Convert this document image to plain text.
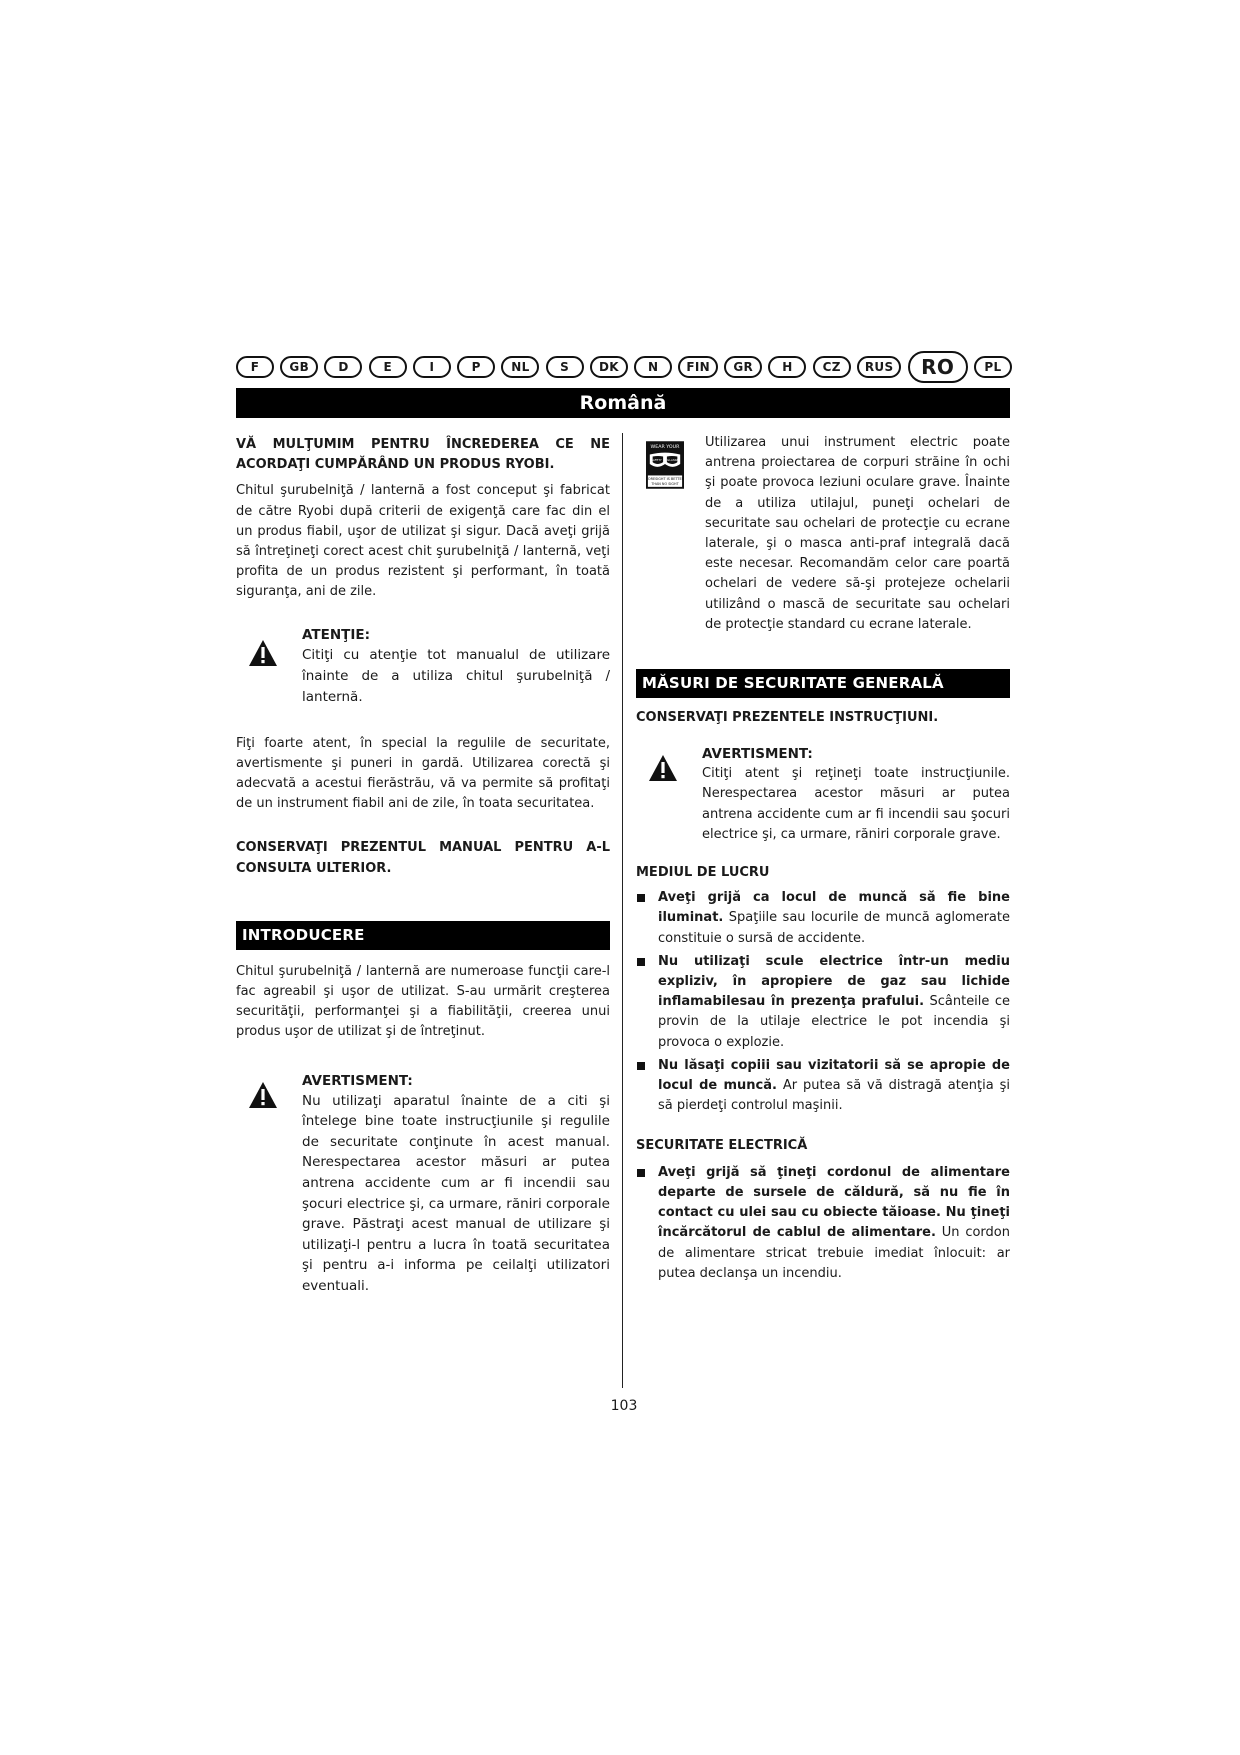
F	GB	D	E	I	P	NL	S	DK	N	FIN	GR	H	CZ	RUS	RO	PL
Română

VĂ MULŢUMIM PENTRU ÎNCREDEREA CE NE ACORDAŢI CUMPĂRÂND UN PRODUS RYOBI.

Chitul şurubelniţă / lanternă a fost conceput şi fabricat de către Ryobi după criterii de exigenţă care fac din el un produs fiabil, uşor de utilizat şi sigur. Dacă aveţi grijă să întreţineţi corect acest chit şurubelniţă / lanternă, veţi profita de un produs rezistent şi performant, în toată siguranţa, ani de zile.

ATENŢIE:

Citiţi cu atenţie tot manualul de utilizare înainte de a utiliza chitul şurubelniţă / lanternă.

Fiţi foarte atent, în special la regulile de securitate, avertismente şi puneri in gardă. Utilizarea corectă şi adecvată a acestui fierăstrău, vă va permite să profitaţi de un instrument fiabil ani de zile, în toata securitatea.

CONSERVAŢI PREZENTUL MANUAL PENTRU A-L CONSULTA ULTERIOR.

INTRODUCERE

Chitul şurubelniţă / lanternă are numeroase funcţii care-l fac agreabil şi uşor de utilizat. S-au urmărit creşterea securităţii, performanţei şi a fiabilităţii, creerea unui produs uşor de utilizat şi de întreţinut.

AVERTISMENT:

Nu utilizaţi aparatul înainte de a citi şi întelege bine toate instrucţiunile şi regulile de securitate conţinute în acest manual. Nerespectarea acestor măsuri ar putea antrena accidente cum ar fi incendii sau şocuri electrice şi, ca urmare, răniri corporale grave. Păstraţi acest manual de utilizare şi utilizaţi-l pentru a lucra în toată securitatea şi pentru a-i informa pe ceilalţi utilizatori eventuali.

WEAR YOUR
SAFETY GLASSES
FORESIGHT IS BETTER
THAN NO SIGHT

Utilizarea unui instrument electric poate antrena proiectarea de corpuri străine în ochi şi poate provoca leziuni oculare grave. Înainte de a utiliza utilajul, puneţi ochelari de securitate sau ochelari de protecţie cu ecrane laterale, şi o masca anti-praf integrală dacă este necesar. Recomandăm celor care poartă ochelari de vedere să-şi protejeze ochelarii utilizând o mască de securitate sau ochelari de protecţie standard cu ecrane laterale.

MĂSURI DE SECURITATE GENERALĂ

CONSERVAŢI PREZENTELE INSTRUCŢIUNI.

AVERTISMENT:

Citiţi atent şi reţineţi toate instrucţiunile. Nerespectarea acestor măsuri ar putea antrena accidente cum ar fi incendii sau şocuri electrice şi, ca urmare, răniri corporale grave.

MEDIUL DE LUCRU

Aveţi grijă ca locul de muncă să fie bine iluminat. Spaţiile sau locurile de muncă aglomerate constituie o sursă de accidente.
Nu utilizaţi scule electrice într-un mediu expliziv, în apropiere de gaz sau lichide inflamabilesau în prezenţa prafului. Scânteile ce provin de la utilaje electrice le pot incendia şi provoca o explozie.
Nu lăsaţi copiii sau vizitatorii să se apropie de locul de muncă. Ar putea să vă distragă atenţia şi să pierdeţi controlul maşinii.

SECURITATE ELECTRICĂ

Aveţi grijă să ţineţi cordonul de alimentare departe de sursele de căldură, să nu fie în contact cu ulei sau cu obiecte tăioase. Nu ţineţi încărcătorul de cablul de alimentare. Un cordon de alimentare stricat trebuie imediat înlocuit: ar putea declanşa un incendiu.
103
